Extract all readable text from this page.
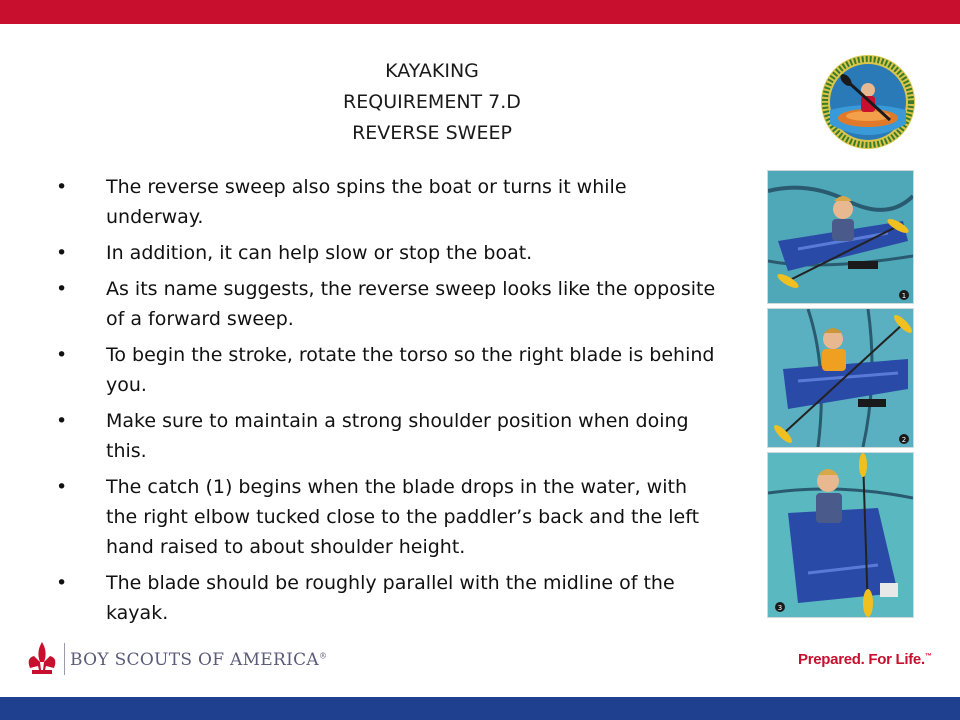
KAYAKING
REQUIREMENT 7.D
REVERSE SWEEP
• The reverse sweep also spins the boat or turns it while underway.
• In addition, it can help slow or stop the boat.
• As its name suggests, the reverse sweep looks like the opposite of a forward sweep.
• To begin the stroke, rotate the torso so the right blade is behind you.
• Make sure to maintain a strong shoulder position when doing this.
• The catch (1) begins when the blade drops in the water, with the right elbow tucked close to the paddler’s back and the left hand raised to about shoulder height.
• The blade should be roughly parallel with the midline of the kayak.
1
2
3
BOY SCOUTS OF AMERICA®	Prepared. For Life.™
